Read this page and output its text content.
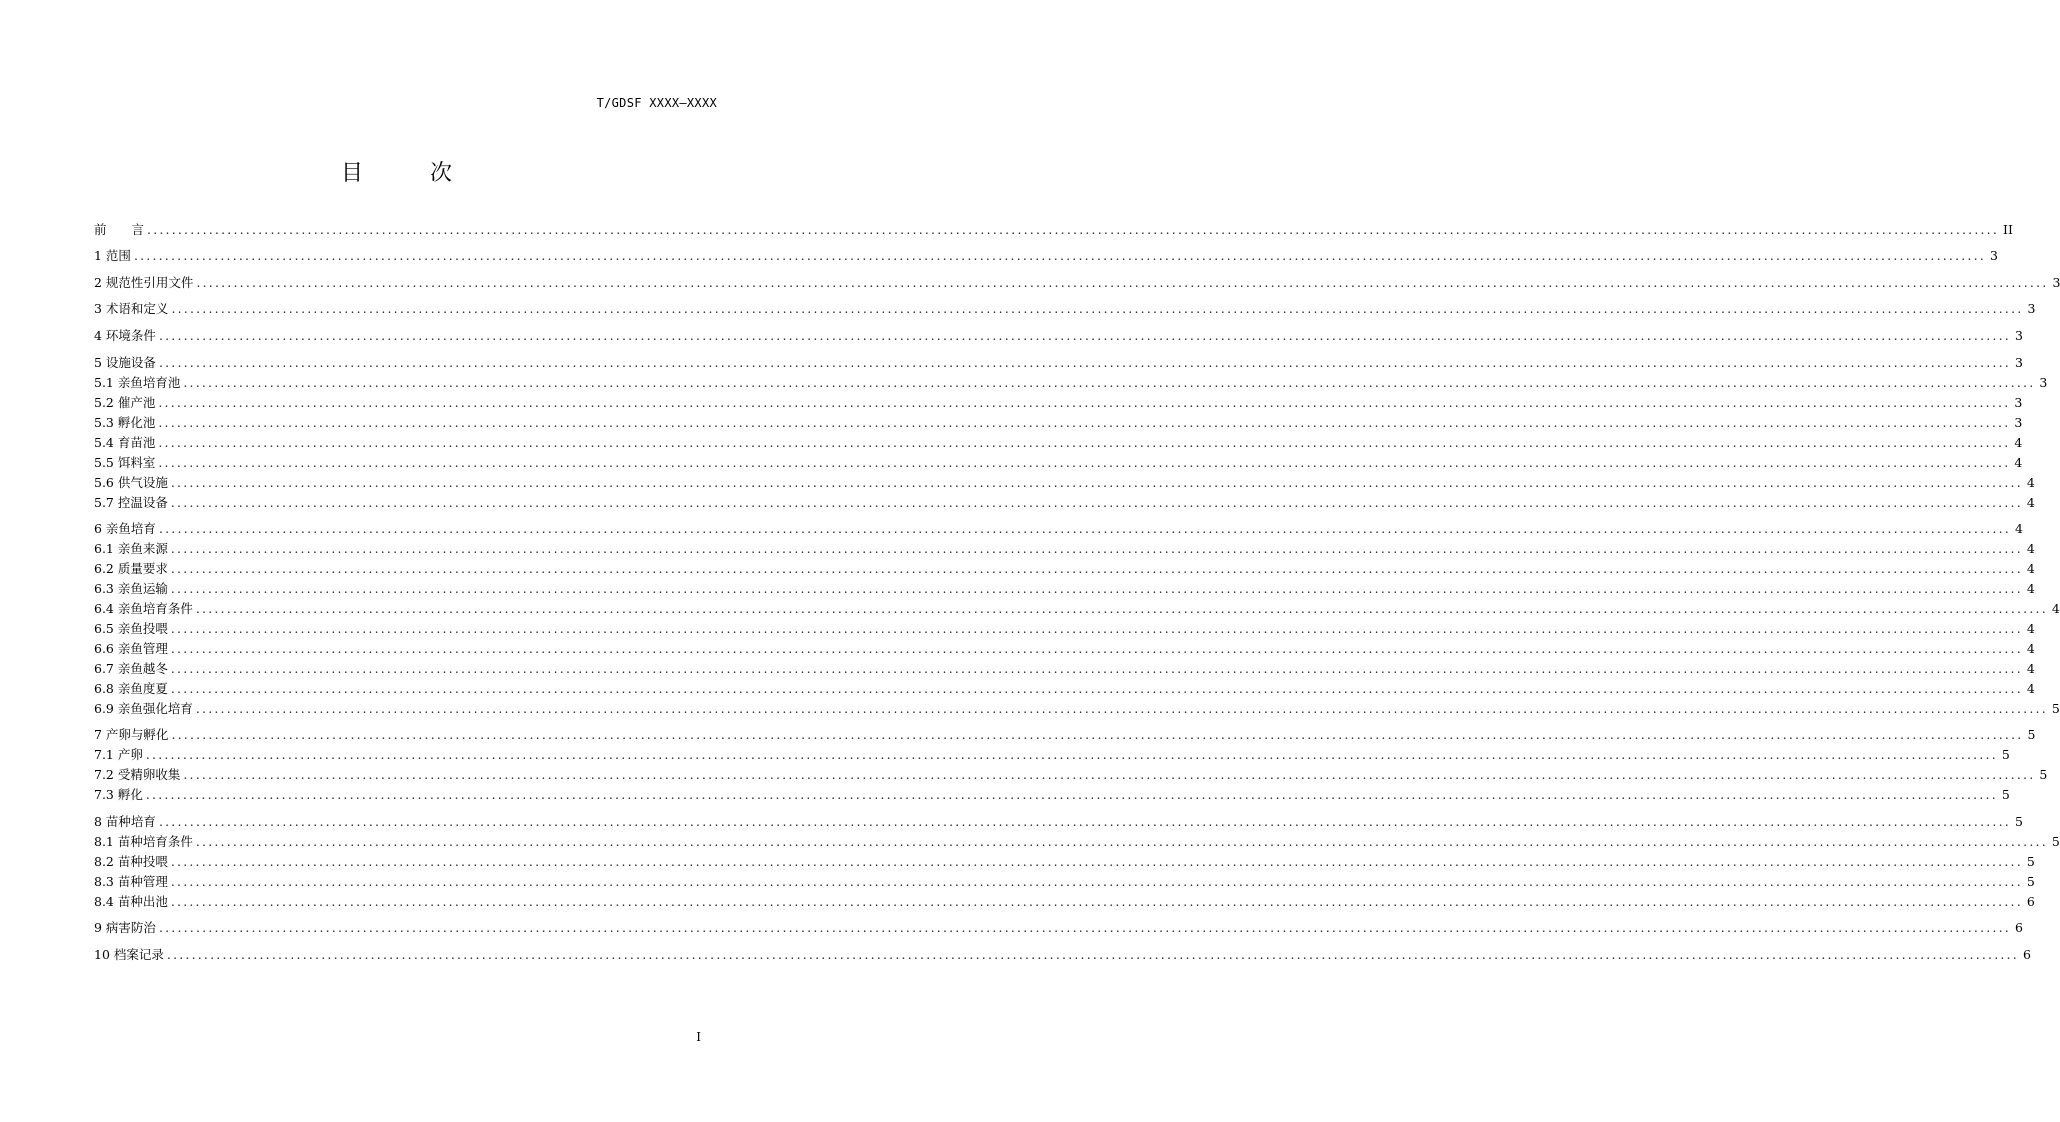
T/GDSF XXXX—XXXX
目 次
前　　言 ............................................................................................................................................................................................................................................................................................................ II
1 范围 ............................................................................................................................................................................................................................................................................................................ 3
2 规范性引用文件 ............................................................................................................................................................................................................................................................................................................ 3
3 术语和定义 ............................................................................................................................................................................................................................................................................................................ 3
4 环境条件 ............................................................................................................................................................................................................................................................................................................ 3
5 设施设备 ............................................................................................................................................................................................................................................................................................................ 3
5.1 亲鱼培育池 ............................................................................................................................................................................................................................................................................................................ 3
5.2 催产池 ............................................................................................................................................................................................................................................................................................................ 3
5.3 孵化池 ............................................................................................................................................................................................................................................................................................................ 3
5.4 育苗池 ............................................................................................................................................................................................................................................................................................................ 4
5.5 饵料室 ............................................................................................................................................................................................................................................................................................................ 4
5.6 供气设施 ............................................................................................................................................................................................................................................................................................................ 4
5.7 控温设备 ............................................................................................................................................................................................................................................................................................................ 4
6 亲鱼培育 ............................................................................................................................................................................................................................................................................................................ 4
6.1 亲鱼来源 ............................................................................................................................................................................................................................................................................................................ 4
6.2 质量要求 ............................................................................................................................................................................................................................................................................................................ 4
6.3 亲鱼运输 ............................................................................................................................................................................................................................................................................................................ 4
6.4 亲鱼培育条件 ............................................................................................................................................................................................................................................................................................................ 4
6.5 亲鱼投喂 ............................................................................................................................................................................................................................................................................................................ 4
6.6 亲鱼管理 ............................................................................................................................................................................................................................................................................................................ 4
6.7 亲鱼越冬 ............................................................................................................................................................................................................................................................................................................ 4
6.8 亲鱼度夏 ............................................................................................................................................................................................................................................................................................................ 4
6.9 亲鱼强化培育 ............................................................................................................................................................................................................................................................................................................ 5
7 产卵与孵化 ............................................................................................................................................................................................................................................................................................................ 5
7.1 产卵 ............................................................................................................................................................................................................................................................................................................ 5
7.2 受精卵收集 ............................................................................................................................................................................................................................................................................................................ 5
7.3 孵化 ............................................................................................................................................................................................................................................................................................................ 5
8 苗种培育 ............................................................................................................................................................................................................................................................................................................ 5
8.1 苗种培育条件 ............................................................................................................................................................................................................................................................................................................ 5
8.2 苗种投喂 ............................................................................................................................................................................................................................................................................................................ 5
8.3 苗种管理 ............................................................................................................................................................................................................................................................................................................ 5
8.4 苗种出池 ............................................................................................................................................................................................................................................................................................................ 6
9 病害防治 ............................................................................................................................................................................................................................................................................................................ 6
10 档案记录 ............................................................................................................................................................................................................................................................................................................ 6
I
